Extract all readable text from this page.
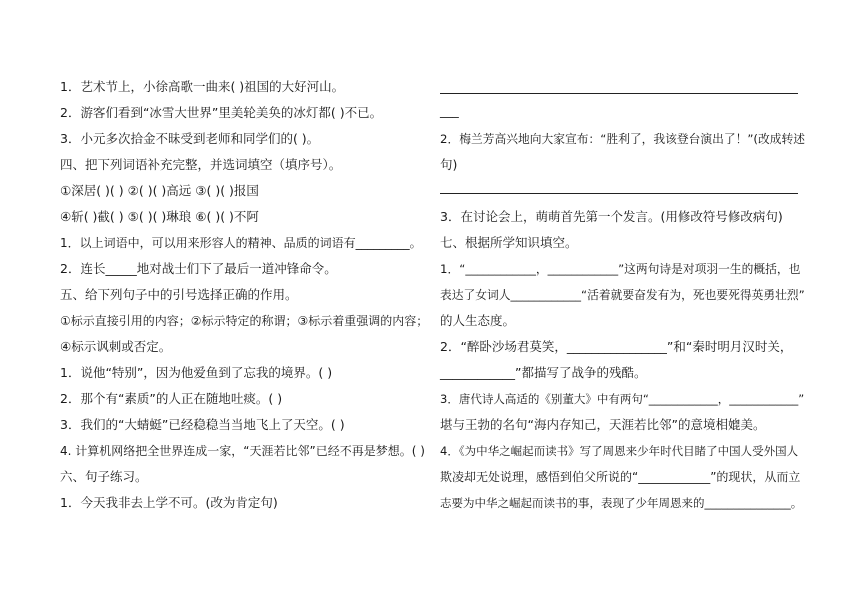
1．艺术节上，小徐高歌一曲来( )祖国的大好河山。
2．游客们看到“冰雪大世界”里美轮美奂的冰灯都( )不已。
3．小元多次拾金不昧受到老师和同学们的( )。
四、把下列词语补充完整，并选词填空（填序号）。
①深居( )( ) ②( )( )高远 ③( )( )报国
④斩( )截( ) ⑤( )( )琳琅 ⑥( )( )不阿
1．以上词语中，可以用来形容人的精神、品质的词语有_________。
2．连长_____地对战士们下了最后一道冲锋命令。
五、给下列句子中的引号选择正确的作用。
①标示直接引用的内容；②标示特定的称谓；③标示着重强调的内容；
④标示讽刺或否定。
1．说他“特别”，因为他爱鱼到了忘我的境界。( )
2．那个有“素质”的人正在随地吐痰。( )
3．我们的“大蜻蜓”已经稳稳当当地飞上了天空。( )
4. 计算机网络把全世界连成一家，“天涯若比邻”已经不再是梦想。( )
六、句子练习。
1．今天我非去上学不可。(改为肯定句)
___
2．梅兰芳高兴地向大家宣布：“胜利了，我该登台演出了！”(改成转述
句)
3．在讨论会上，萌萌首先第一个发言。(用修改符号修改病句)
七、根据所学知识填空。
1．“____________，____________”这两句诗是对项羽一生的概括，也
表达了女词人____________“活着就要奋发有为，死也要死得英勇壮烈”
的人生态度。
2．“醉卧沙场君莫笑，________________”和“秦时明月汉时关，
____________”都描写了战争的残酷。
3．唐代诗人高适的《别董大》中有两句“____________，____________”
堪与王勃的名句“海内存知己，天涯若比邻”的意境相媲美。
4．《为中华之崛起而读书》写了周恩来少年时代目睹了中国人受外国人
欺凌却无处说理，感悟到伯父所说的“____________”的现状，从而立
志要为中华之崛起而读书的事，表现了少年周恩来的_______________。
